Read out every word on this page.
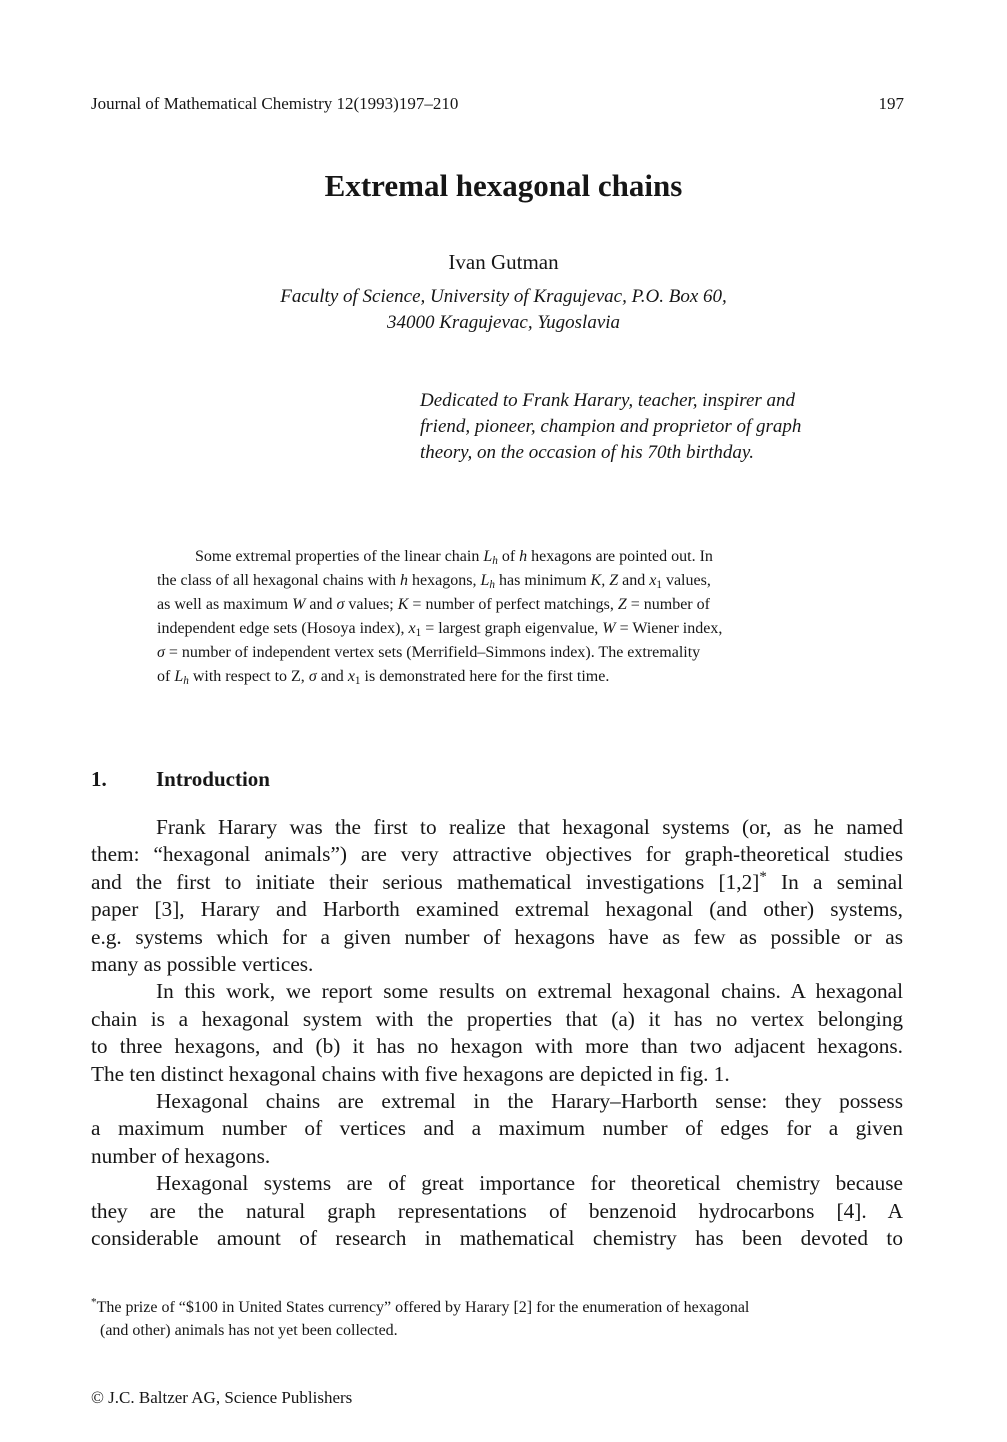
Journal of Mathematical Chemistry 12(1993)197–210	197
Extremal hexagonal chains
Ivan Gutman
Faculty of Science, University of Kragujevac, P.O. Box 60,
34000 Kragujevac, Yugoslavia
Dedicated to Frank Harary, teacher, inspirer and
friend, pioneer, champion and proprietor of graph
theory, on the occasion of his 70th birthday.
Some extremal properties of the linear chain $L_h$ of h hexagons are pointed out. In
the class of all hexagonal chains with h hexagons, $L_h$ has minimum K, Z and $x_1$ values,
as well as maximum W and σ values; K = number of perfect matchings, Z = number of
independent edge sets (Hosoya index), $x_1$ = largest graph eigenvalue, W = Wiener index,
σ = number of independent vertex sets (Merrifield–Simmons index). The extremality
of $L_h$ with respect to Z, σ and $x_1$ is demonstrated here for the first time.
1. Introduction
Frank Harary was the first to realize that hexagonal systems (or, as he named
them: “hexagonal animals”) are very attractive objectives for graph-theoretical studies
and the first to initiate their serious mathematical investigations [1,2]* In a seminal
paper [3], Harary and Harborth examined extremal hexagonal (and other) systems,
e.g. systems which for a given number of hexagons have as few as possible or as
many as possible vertices.
In this work, we report some results on extremal hexagonal chains. A hexagonal
chain is a hexagonal system with the properties that (a) it has no vertex belonging
to three hexagons, and (b) it has no hexagon with more than two adjacent hexagons.
The ten distinct hexagonal chains with five hexagons are depicted in fig. 1.
Hexagonal chains are extremal in the Harary–Harborth sense: they possess
a maximum number of vertices and a maximum number of edges for a given
number of hexagons.
Hexagonal systems are of great importance for theoretical chemistry because
they are the natural graph representations of benzenoid hydrocarbons [4]. A
considerable amount of research in mathematical chemistry has been devoted to
*The prize of “$100 in United States currency” offered by Harary [2] for the enumeration of hexagonal
(and other) animals has not yet been collected.
© J.C. Baltzer AG, Science Publishers
